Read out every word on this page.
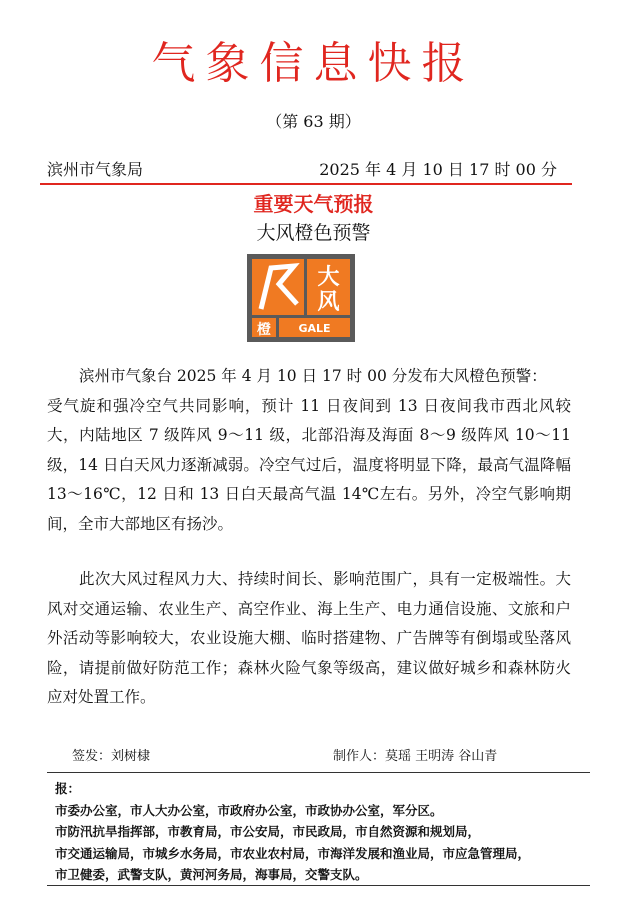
气象信息快报
（第 63 期）
滨州市气象局	2025 年 4 月 10 日 17 时 00 分
重要天气预报
大风橙色预警
大
风
橙 GALE
滨州市气象台 2025 年 4 月 10 日 17 时 00 分发布大风橙色预警：
受气旋和强冷空气共同影响，预计 11 日夜间到 13 日夜间我市西北风较大，内陆地区 7 级阵风 9～11 级，北部沿海及海面 8～9 级阵风 10～11 级，14 日白天风力逐渐减弱。冷空气过后，温度将明显下降，最高气温降幅 13～16℃，12 日和 13 日白天最高气温 14℃左右。另外，冷空气影响期间，全市大部地区有扬沙。
此次大风过程风力大、持续时间长、影响范围广，具有一定极端性。大风对交通运输、农业生产、高空作业、海上生产、电力通信设施、文旅和户外活动等影响较大，农业设施大棚、临时搭建物、广告牌等有倒塌或坠落风险，请提前做好防范工作；森林火险气象等级高，建议做好城乡和森林防火应对处置工作。
签发：刘树棣	制作人：莫瑶 王明涛 谷山青
报：
市委办公室，市人大办公室，市政府办公室，市政协办公室，军分区。
市防汛抗旱指挥部，市教育局，市公安局，市民政局，市自然资源和规划局，
市交通运输局，市城乡水务局，市农业农村局，市海洋发展和渔业局，市应急管理局，
市卫健委，武警支队，黄河河务局，海事局，交警支队。
